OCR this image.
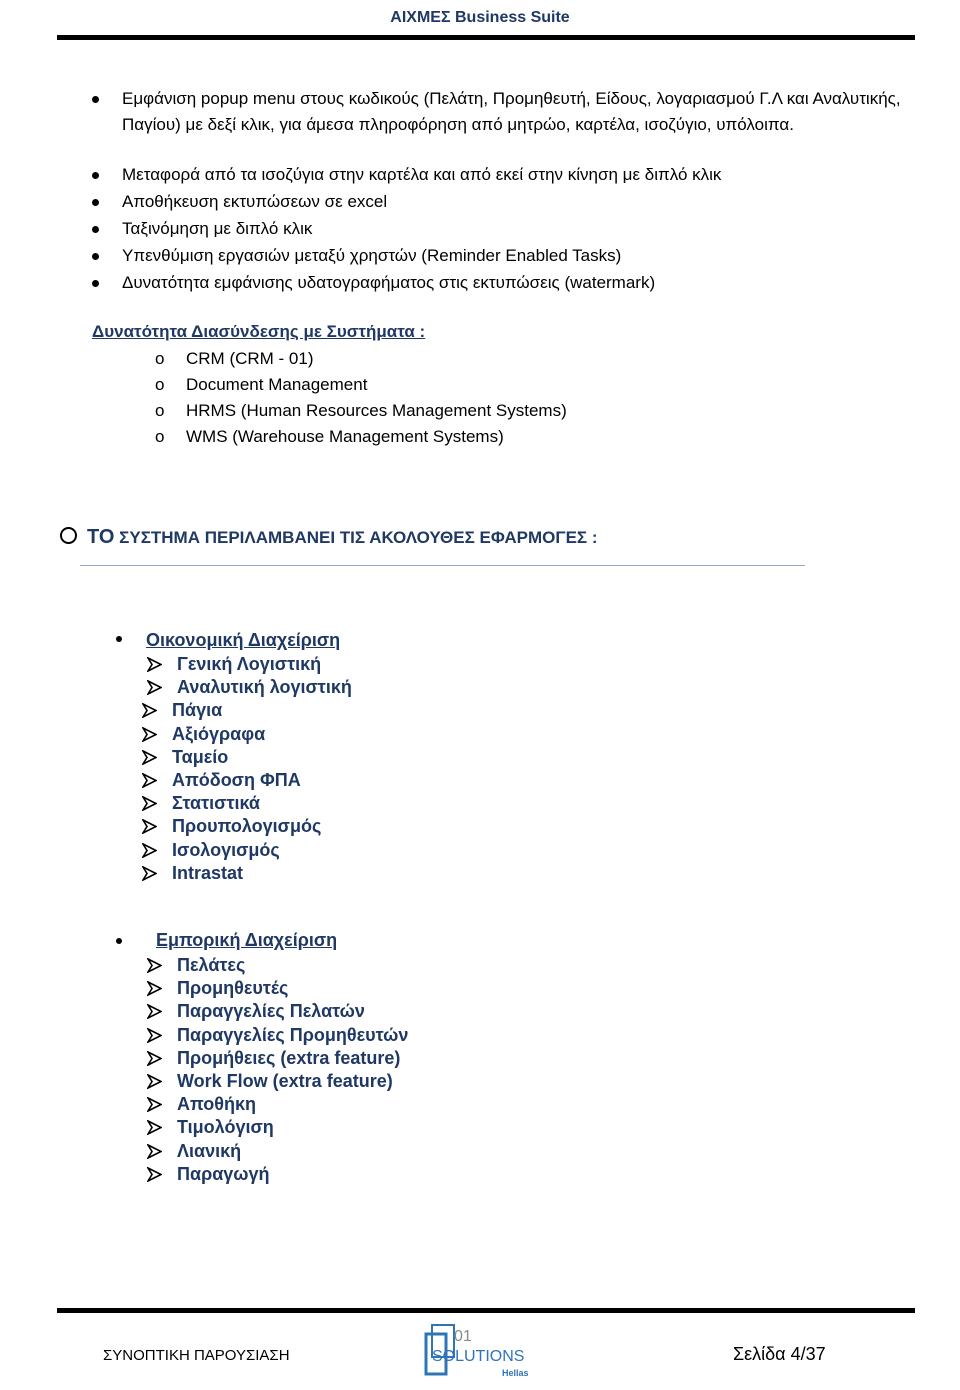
ΑΙΧΜΕΣ Business Suite
Εμφάνιση popup menu στους κωδικούς (Πελάτη, Προμηθευτή, Είδους, λογαριασμού Γ.Λ και Αναλυτικής, Παγίου) με δεξί κλικ, για άμεσα πληροφόρηση από μητρώο, καρτέλα, ισοζύγιο, υπόλοιπα.
Μεταφορά από τα ισοζύγια στην καρτέλα και από εκεί στην κίνηση με διπλό κλικ
Αποθήκευση εκτυπώσεων σε excel
Ταξινόμηση με διπλό κλικ
Υπενθύμιση εργασιών μεταξύ χρηστών (Reminder Enabled Tasks)
Δυνατότητα εμφάνισης υδατογραφήματος στις εκτυπώσεις (watermark)
Δυνατότητα Διασύνδεσης με Συστήματα :
o CRM (CRM - 01)
o Document Management
o HRMS (Human Resources Management Systems)
o WMS (Warehouse Management Systems)
ΤΟ ΣΥΣΤΗΜΑ ΠΕΡΙΛΑΜΒΑΝΕΙ ΤΙΣ ΑΚΟΛΟΥΘΕΣ ΕΦΑΡΜΟΓΕΣ :
Οικονομική Διαχείριση
Γενική Λογιστική
Αναλυτική λογιστική
Πάγια
Αξιόγραφα
Ταμείο
Απόδοση ΦΠΑ
Στατιστικά
Προυπολογισμός
Ισολογισμός
Intrastat
Εμπορική Διαχείριση
Πελάτες
Προμηθευτές
Παραγγελίες Πελατών
Παραγγελίες Προμηθευτών
Προμήθειες (extra feature)
Work Flow (extra feature)
Αποθήκη
Τιμολόγιση
Λιανική
Παραγωγή
ΣΥΝΟΠΤΙΚΗ ΠΑΡΟΥΣΙΑΣΗ
01
SOLUTIONS
Hellas
Σελίδα 4/37
